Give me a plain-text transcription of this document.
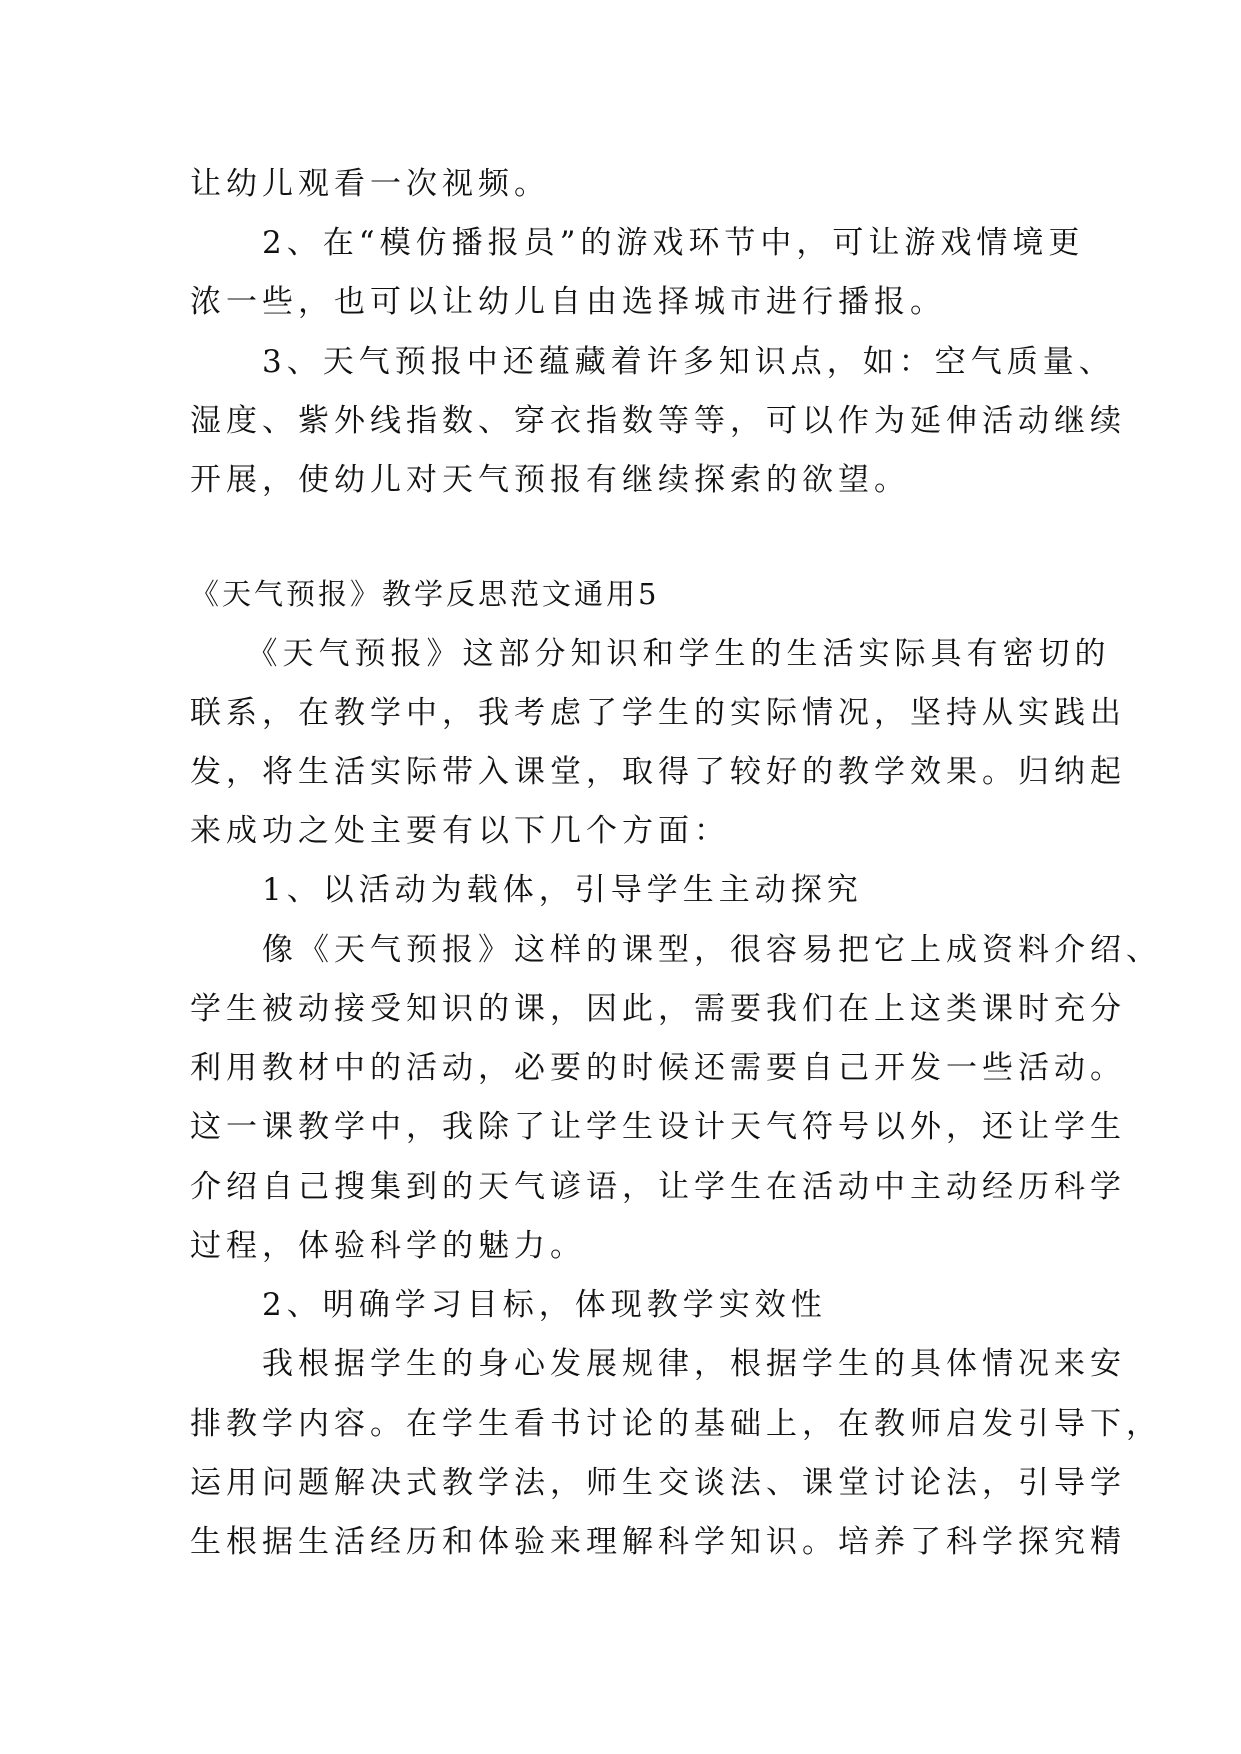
让幼儿观看一次视频。
　　2、在“模仿播报员”的游戏环节中，可让游戏情境更
浓一些，也可以让幼儿自由选择城市进行播报。
　　3、天气预报中还蕴藏着许多知识点，如：空气质量、
湿度、紫外线指数、穿衣指数等等，可以作为延伸活动继续
开展，使幼儿对天气预报有继续探索的欲望。
《天气预报》教学反思范文通用5
　　《天气预报》这部分知识和学生的生活实际具有密切的
联系，在教学中，我考虑了学生的实际情况，坚持从实践出
发，将生活实际带入课堂，取得了较好的教学效果。归纳起
来成功之处主要有以下几个方面：
　　1、以活动为载体，引导学生主动探究
　　像《天气预报》这样的课型，很容易把它上成资料介绍、
学生被动接受知识的课，因此，需要我们在上这类课时充分
利用教材中的活动，必要的时候还需要自己开发一些活动。
这一课教学中，我除了让学生设计天气符号以外，还让学生
介绍自己搜集到的天气谚语，让学生在活动中主动经历科学
过程，体验科学的魅力。
　　2、明确学习目标，体现教学实效性
　　我根据学生的身心发展规律，根据学生的具体情况来安
排教学内容。在学生看书讨论的基础上，在教师启发引导下，
运用问题解决式教学法，师生交谈法、课堂讨论法，引导学
生根据生活经历和体验来理解科学知识。培养了科学探究精
